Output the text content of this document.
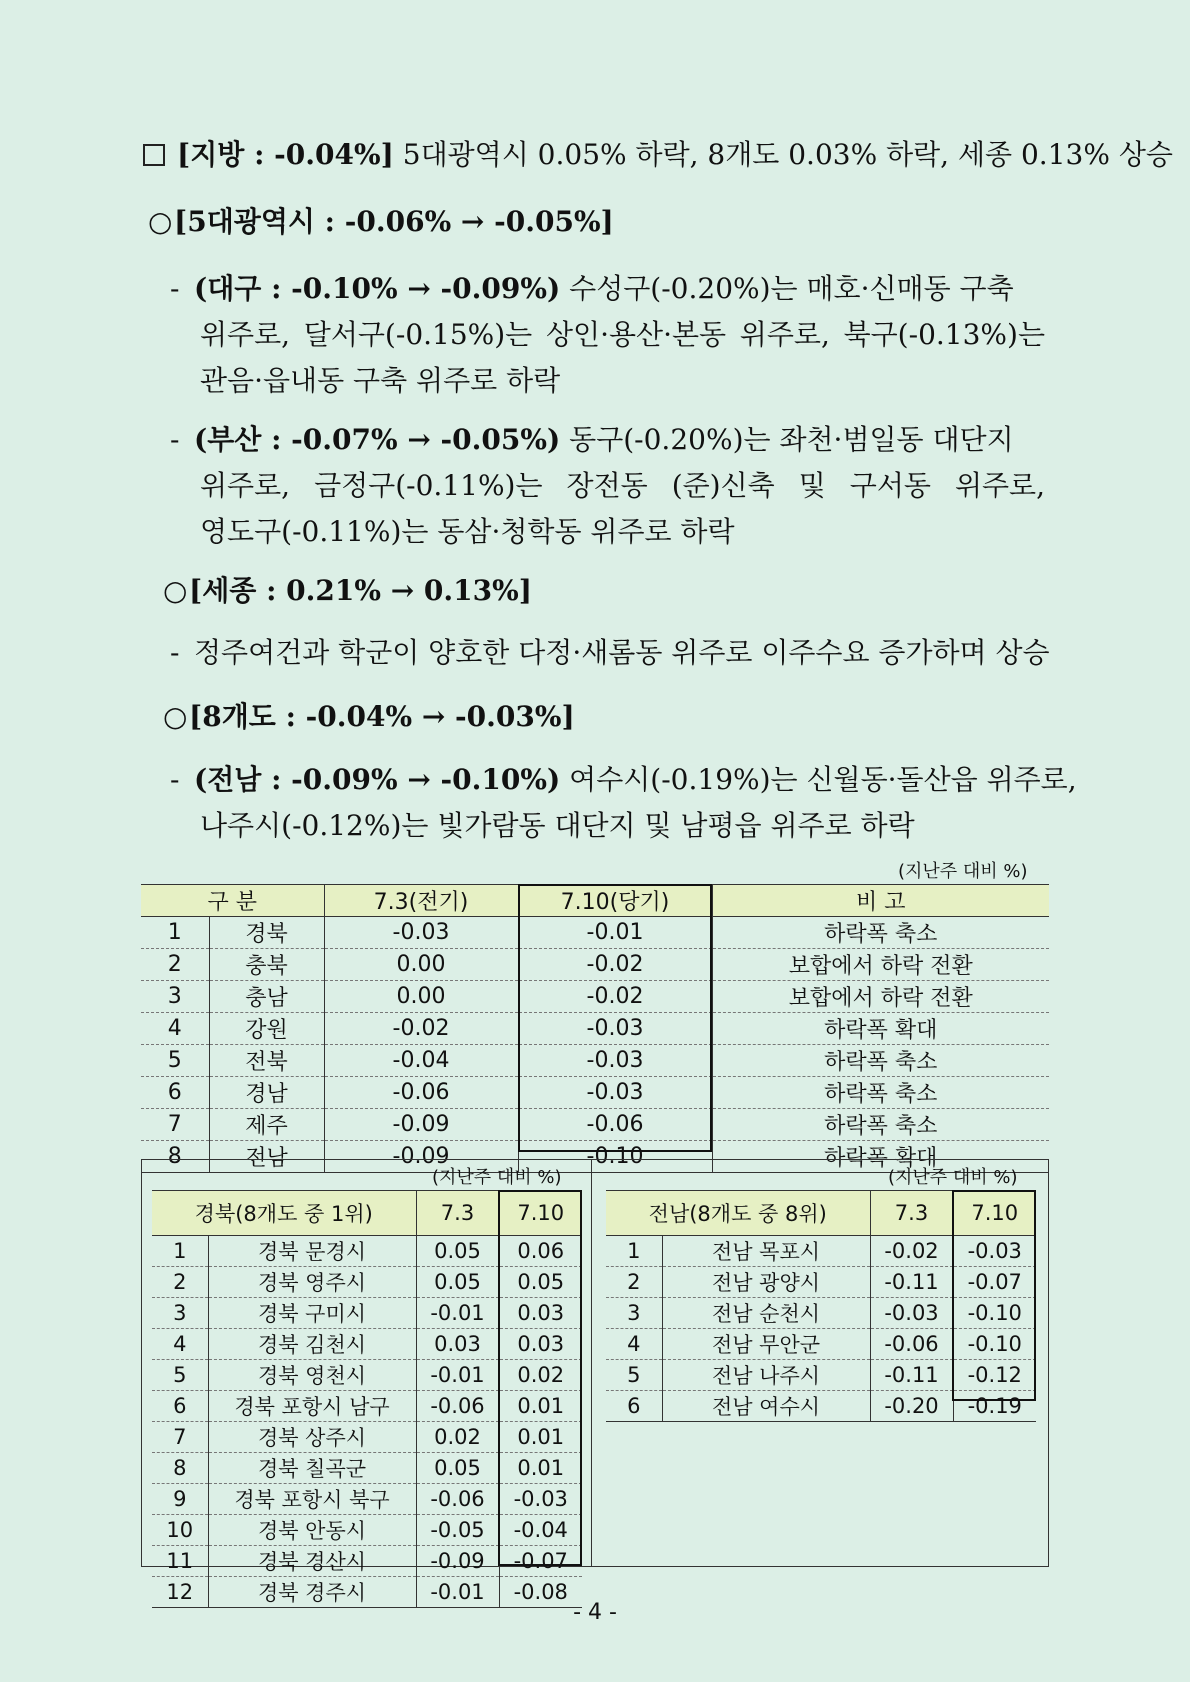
[지방 : -0.04%] 5대광역시 0.05% 하락, 8개도 0.03% 하락, 세종 0.13% 상승
○[5대광역시 : -0.06% → -0.05%]
- (대구 : -0.10% → -0.09%) 수성구(-0.20%)는 매호·신매동 구축
위주로, 달서구(-0.15%)는 상인·용산·본동 위주로, 북구(-0.13%)는
관음·읍내동 구축 위주로 하락
- (부산 : -0.07% → -0.05%) 동구(-0.20%)는 좌천·범일동 대단지
위주로, 금정구(-0.11%)는 장전동 (준)신축 및 구서동 위주로,
영도구(-0.11%)는 동삼·청학동 위주로 하락
○[세종 : 0.21% → 0.13%]
- 정주여건과 학군이 양호한 다정·새롬동 위주로 이주수요 증가하며 상승
○[8개도 : -0.04% → -0.03%]
- (전남 : -0.09% → -0.10%) 여수시(-0.19%)는 신월동·돌산읍 위주로,
나주시(-0.12%)는 빛가람동 대단지 및 남평읍 위주로 하락
(지난주 대비 %)
구 분		7.3(전기)	7.10(당기)	비 고
1	경북	-0.03	-0.01	하락폭 축소
2	충북	0.00	-0.02	보합에서 하락 전환
3	충남	0.00	-0.02	보합에서 하락 전환
4	강원	-0.02	-0.03	하락폭 확대
5	전북	-0.04	-0.03	하락폭 축소
6	경남	-0.06	-0.03	하락폭 축소
7	제주	-0.09	-0.06	하락폭 축소
8	전남	-0.09	-0.10	하락폭 확대
(지난주 대비 %)
경북(8개도 중 1위)		7.3	7.10
1	경북 문경시	0.05	0.06
2	경북 영주시	0.05	0.05
3	경북 구미시	-0.01	0.03
4	경북 김천시	0.03	0.03
5	경북 영천시	-0.01	0.02
6	경북 포항시 남구	-0.06	0.01
7	경북 상주시	0.02	0.01
8	경북 칠곡군	0.05	0.01
9	경북 포항시 북구	-0.06	-0.03
10	경북 안동시	-0.05	-0.04
11	경북 경산시	-0.09	-0.07
12	경북 경주시	-0.01	-0.08
(지난주 대비 %)
전남(8개도 중 8위)		7.3	7.10
1	전남 목포시	-0.02	-0.03
2	전남 광양시	-0.11	-0.07
3	전남 순천시	-0.03	-0.10
4	전남 무안군	-0.06	-0.10
5	전남 나주시	-0.11	-0.12
6	전남 여수시	-0.20	-0.19
- 4 -
